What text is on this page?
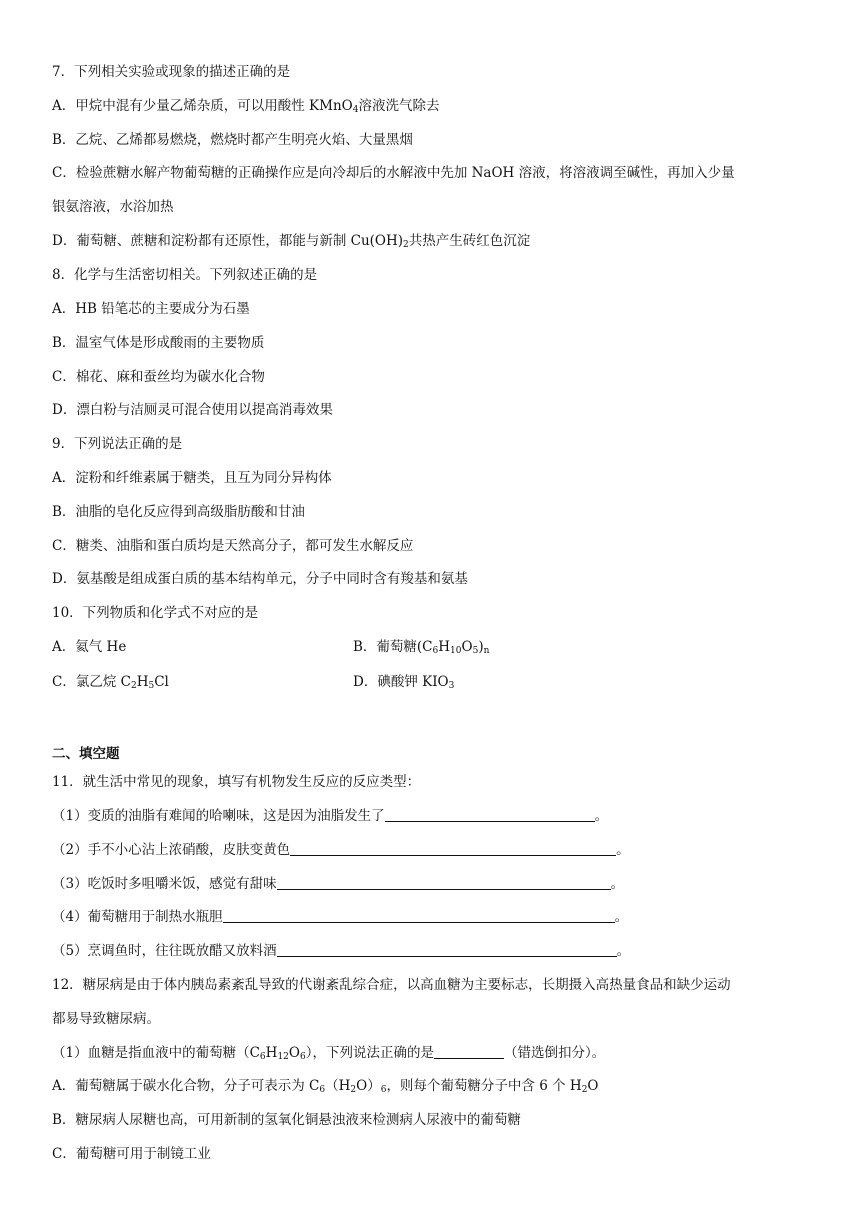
7．下列相关实验或现象的描述正确的是
A．甲烷中混有少量乙烯杂质，可以用酸性 KMnO$_4$溶液洗气除去
B．乙烷、乙烯都易燃烧，燃烧时都产生明亮火焰、大量黑烟
C．检验蔗糖水解产物葡萄糖的正确操作应是向冷却后的水解液中先加 NaOH 溶液，将溶液调至碱性，再加入少量
银氨溶液，水浴加热
D．葡萄糖、蔗糖和淀粉都有还原性，都能与新制 $Cu(OH)_2$共热产生砖红色沉淀
8．化学与生活密切相关。下列叙述正确的是
A．HB 铅笔芯的主要成分为石墨
B．温室气体是形成酸雨的主要物质
C．棉花、麻和蚕丝均为碳水化合物
D．漂白粉与洁厕灵可混合使用以提高消毒效果
9．下列说法正确的是
A．淀粉和纤维素属于糖类，且互为同分异构体
B．油脂的皂化反应得到高级脂肪酸和甘油
C．糖类、油脂和蛋白质均是天然高分子，都可发生水解反应
D．氨基酸是组成蛋白质的基本结构单元，分子中同时含有羧基和氨基
10．下列物质和化学式不对应的是
A．氦气 He	B．葡萄糖$(C_6H_{10}O_5)_n$
C．氯乙烷 $C_2H_5Cl$	D．碘酸钾 $KIO_3$
二、填空题
11．就生活中常见的现象，填写有机物发生反应的反应类型：
（1）变质的油脂有难闻的哈喇味，这是因为油脂发生了	。
（2）手不小心沾上浓硝酸，皮肤变黄色	。
（3）吃饭时多咀嚼米饭，感觉有甜味	。
（4）葡萄糖用于制热水瓶胆	。
（5）烹调鱼时，往往既放醋又放料酒	。
12．糖尿病是由于体内胰岛素紊乱导致的代谢紊乱综合症，以高血糖为主要标志，长期摄入高热量食品和缺少运动
都易导致糖尿病。
（1）血糖是指血液中的葡萄糖$(C_6H_{12}O_6)$，下列说法正确的是	（错选倒扣分）。
A．葡萄糖属于碳水化合物，分子可表示为 $C_6(H_2O)_6$，则每个葡萄糖分子中含 6 个 $H_2O$
B．糖尿病人尿糖也高，可用新制的氢氧化铜悬浊液来检测病人尿液中的葡萄糖
C．葡萄糖可用于制镜工业
